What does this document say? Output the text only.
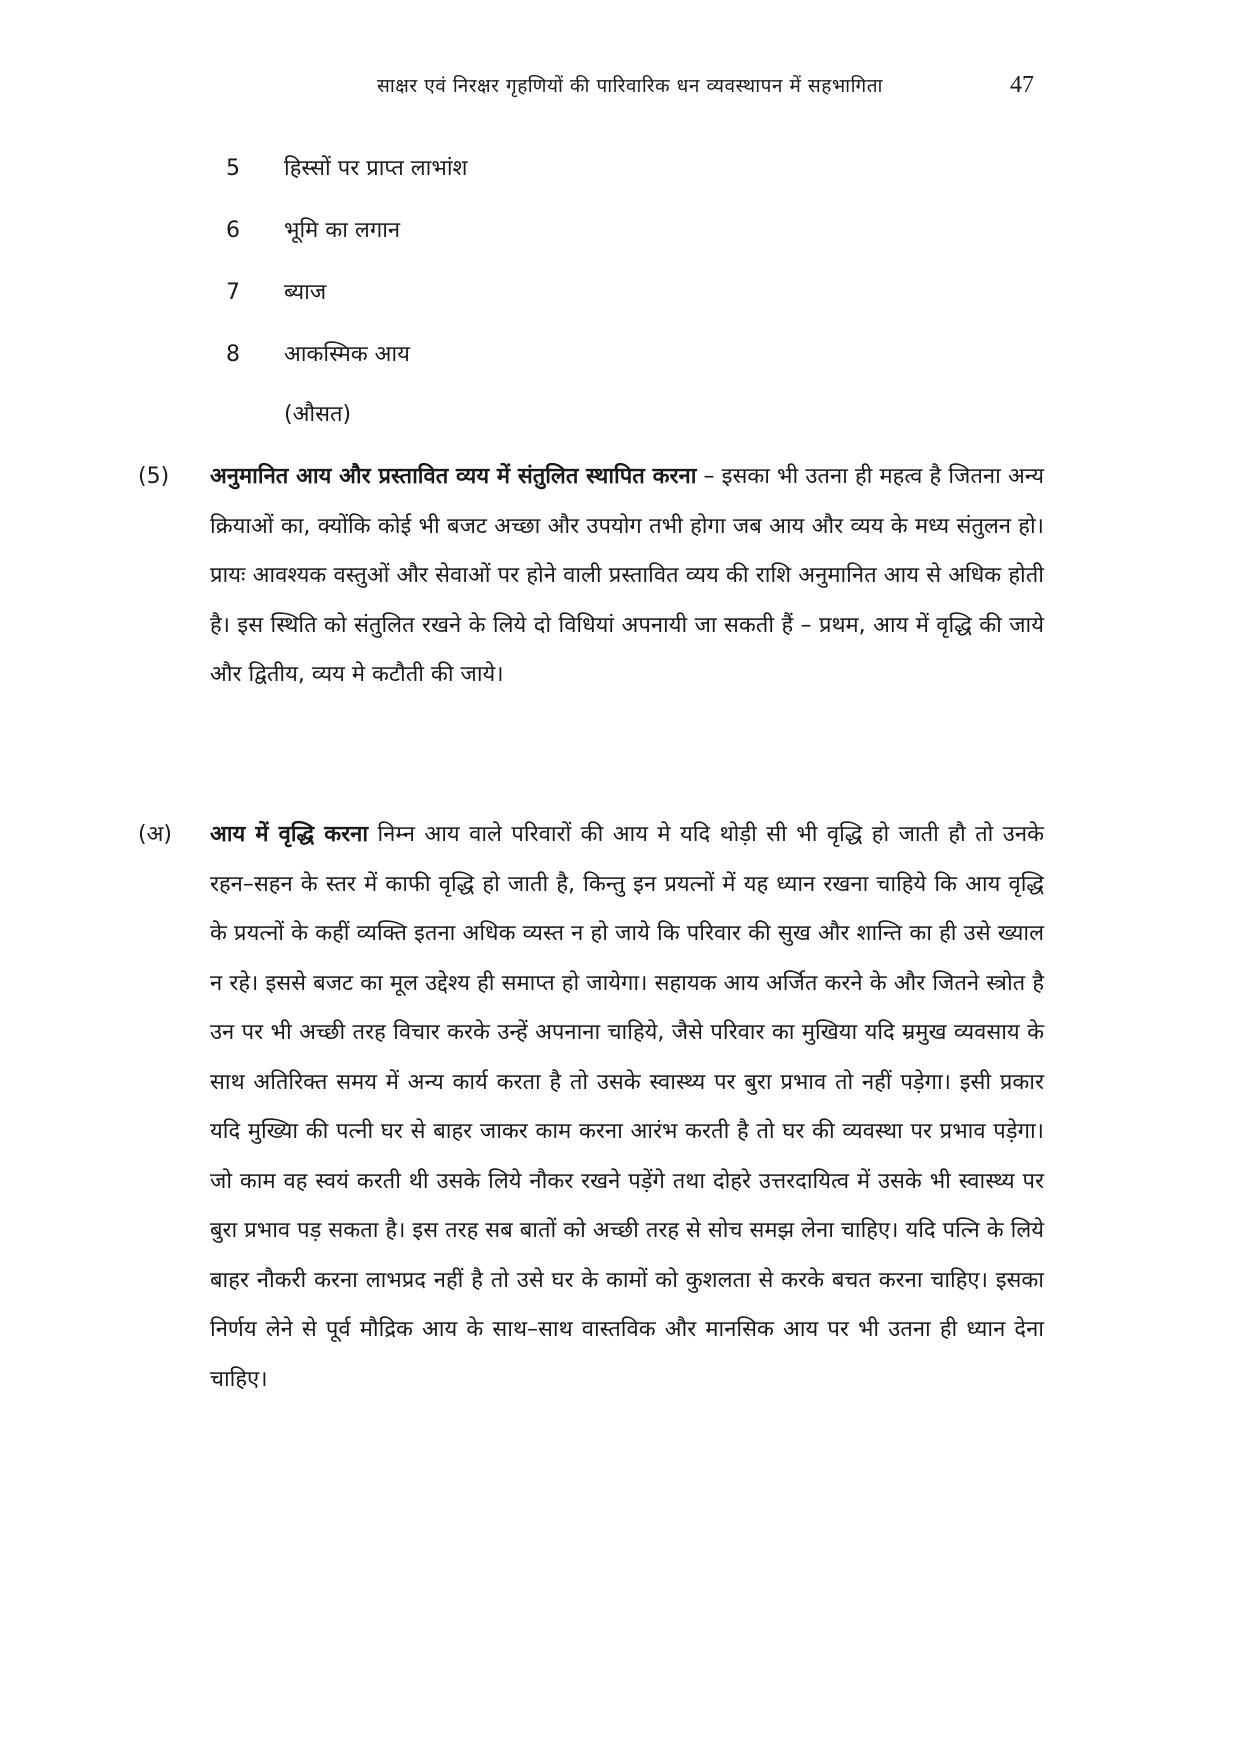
साक्षर एवं निरक्षर गृहणियों की पारिवारिक धन व्यवस्थापन में सहभागिता	47
5 हिस्सों पर प्राप्त लाभांश
6 भूमि का लगान
7 ब्याज
8 आकस्मिक आय
(औसत)
(5) अनुमानित आय और प्रस्तावित व्यय में संतुलित स्थापित करना – इसका भी उतना ही महत्व है जितना अन्य क्रियाओं का, क्योंकि कोई भी बजट अच्छा और उपयोग तभी होगा जब आय और व्यय के मध्य संतुलन हो। प्रायः आवश्यक वस्तुओं और सेवाओं पर होने वाली प्रस्तावित व्यय की राशि अनुमानित आय से अधिक होती है। इस स्थिति को संतुलित रखने के लिये दो विधियां अपनायी जा सकती हैं – प्रथम, आय में वृद्धि की जाये और द्वितीय, व्यय मे कटौती की जाये।
(अ) आय में वृद्धि करना निम्न आय वाले परिवारों की आय मे यदि थोड़ी सी भी वृद्धि हो जाती हौ तो उनके रहन–सहन के स्तर में काफी वृद्धि हो जाती है, किन्तु इन प्रयत्नों में यह ध्यान रखना चाहिये कि आय वृद्धि के प्रयत्नों के कहीं व्यक्ति इतना अधिक व्यस्त न हो जाये कि परिवार की सुख और शान्ति का ही उसे ख्याल न रहे। इससे बजट का मूल उद्देश्य ही समाप्त हो जायेगा। सहायक आय अर्जित करने के और जितने स्त्रोत है उन पर भी अच्छी तरह विचार करके उन्हें अपनाना चाहिये, जैसे परिवार का मुखिया यदि म्रमुख व्यवसाय के साथ अतिरिक्त समय में अन्य कार्य करता है तो उसके स्वास्थ्य पर बुरा प्रभाव तो नहीं पड़ेगा। इसी प्रकार यदि मुख्यिा की पत्नी घर से बाहर जाकर काम करना आरंभ करती है तो घर की व्यवस्था पर प्रभाव पड़ेगा। जो काम वह स्वयं करती थी उसके लिये नौकर रखने पड़ेंगे तथा दोहरे उत्तरदायित्व में उसके भी स्वास्थ्य पर बुरा प्रभाव पड़ सकता है। इस तरह सब बातों को अच्छी तरह से सोच समझ लेना चाहिए। यदि पत्नि के लिये बाहर नौकरी करना लाभप्रद नहीं है तो उसे घर के कामों को कुशलता से करके बचत करना चाहिए। इसका निर्णय लेने से पूर्व मौद्रिक आय के साथ–साथ वास्तविक और मानसिक आय पर भी उतना ही ध्यान देना चाहिए।
